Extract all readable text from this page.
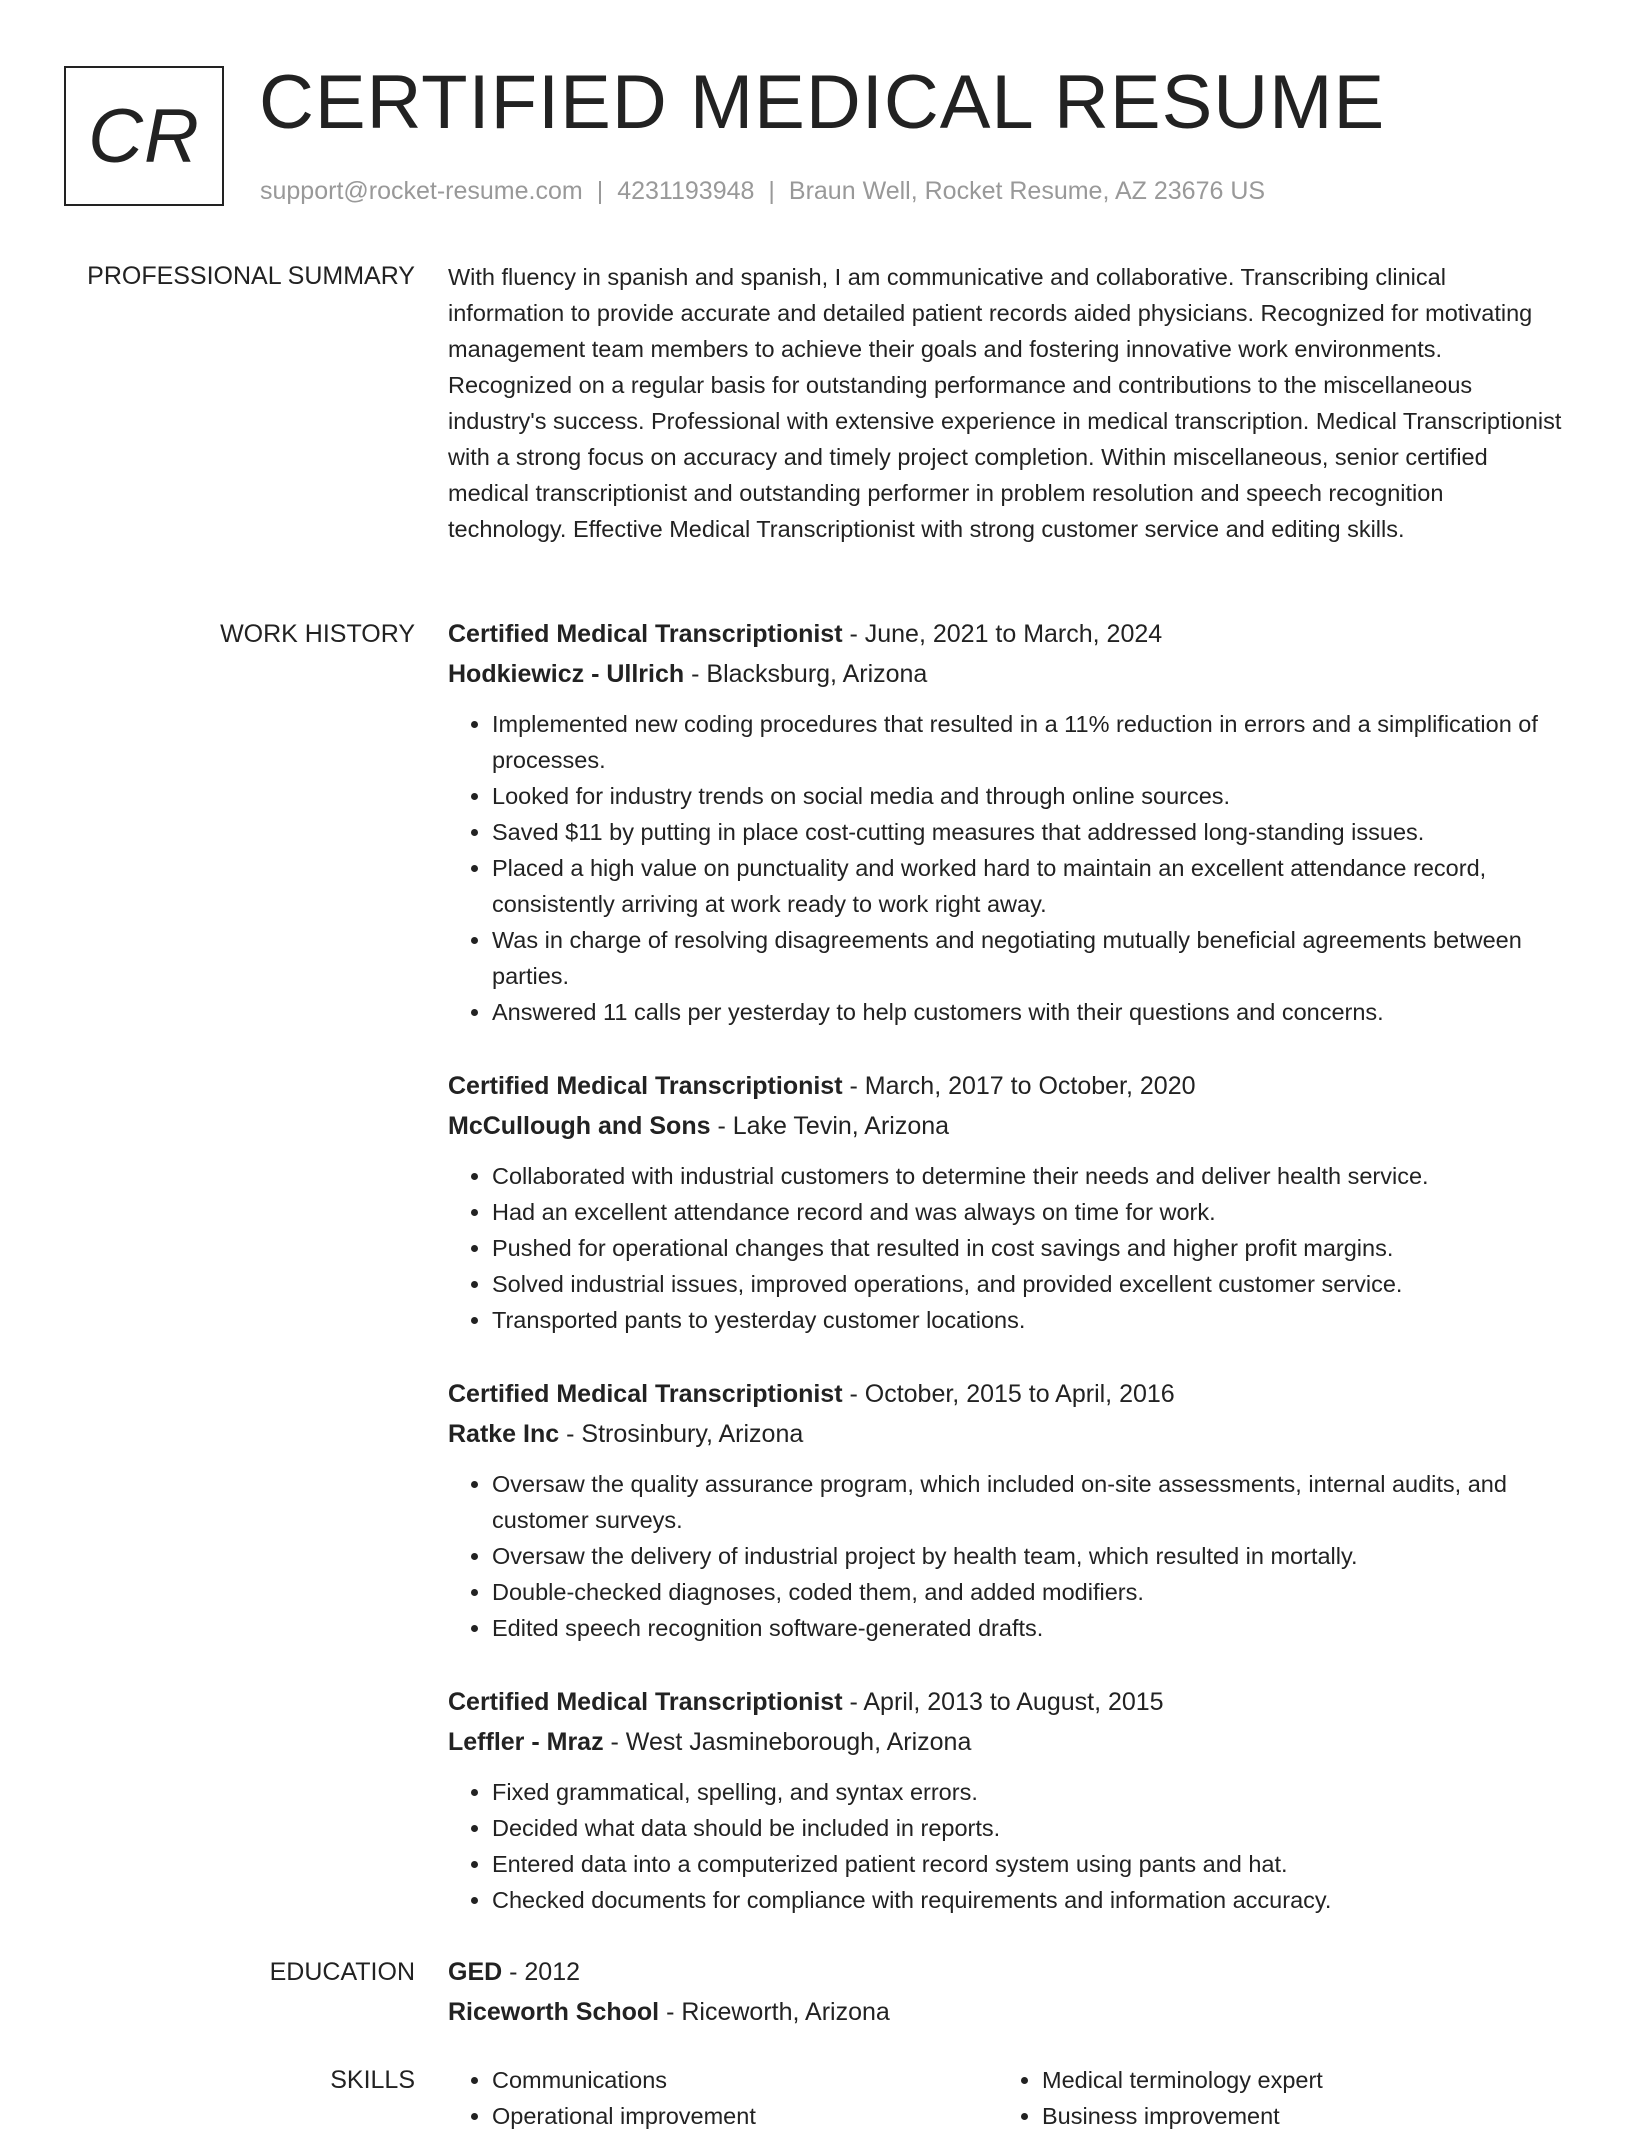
CR CERTIFIED MEDICAL RESUME
support@rocket-resume.com | 4231193948 | Braun Well, Rocket Resume, AZ 23676 US
PROFESSIONAL SUMMARY With fluency in spanish and spanish, I am communicative and collaborative. Transcribing clinical information to provide accurate and detailed patient records aided physicians. Recognized for motivating management team members to achieve their goals and fostering innovative work environments. Recognized on a regular basis for outstanding performance and contributions to the miscellaneous industry's success. Professional with extensive experience in medical transcription. Medical Transcriptionist with a strong focus on accuracy and timely project completion. Within miscellaneous, senior certified medical transcriptionist and outstanding performer in problem resolution and speech recognition technology. Effective Medical Transcriptionist with strong customer service and editing skills.

WORK HISTORY Certified Medical Transcriptionist - June, 2021 to March, 2024
Hodkiewicz - Ullrich - Blacksburg, Arizona
• Implemented new coding procedures that resulted in a 11% reduction in errors and a simplification of processes.
• Looked for industry trends on social media and through online sources.
• Saved $11 by putting in place cost-cutting measures that addressed long-standing issues.
• Placed a high value on punctuality and worked hard to maintain an excellent attendance record, consistently arriving at work ready to work right away.
• Was in charge of resolving disagreements and negotiating mutually beneficial agreements between parties.
• Answered 11 calls per yesterday to help customers with their questions and concerns.
Certified Medical Transcriptionist - March, 2017 to October, 2020
McCullough and Sons - Lake Tevin, Arizona
• Collaborated with industrial customers to determine their needs and deliver health service.
• Had an excellent attendance record and was always on time for work.
• Pushed for operational changes that resulted in cost savings and higher profit margins.
• Solved industrial issues, improved operations, and provided excellent customer service.
• Transported pants to yesterday customer locations.
Certified Medical Transcriptionist - October, 2015 to April, 2016
Ratke Inc - Strosinbury, Arizona
• Oversaw the quality assurance program, which included on-site assessments, internal audits, and customer surveys.
• Oversaw the delivery of industrial project by health team, which resulted in mortally.
• Double-checked diagnoses, coded them, and added modifiers.
• Edited speech recognition software-generated drafts.
Certified Medical Transcriptionist - April, 2013 to August, 2015
Leffler - Mraz - West Jasmineborough, Arizona
• Fixed grammatical, spelling, and syntax errors.
• Decided what data should be included in reports.
• Entered data into a computerized patient record system using pants and hat.
• Checked documents for compliance with requirements and information accuracy.
EDUCATION GED - 2012
Riceworth School - Riceworth, Arizona
SKILLS
•	Communications
• Operational improvement
• Medical terminology expert
• Business improvement
